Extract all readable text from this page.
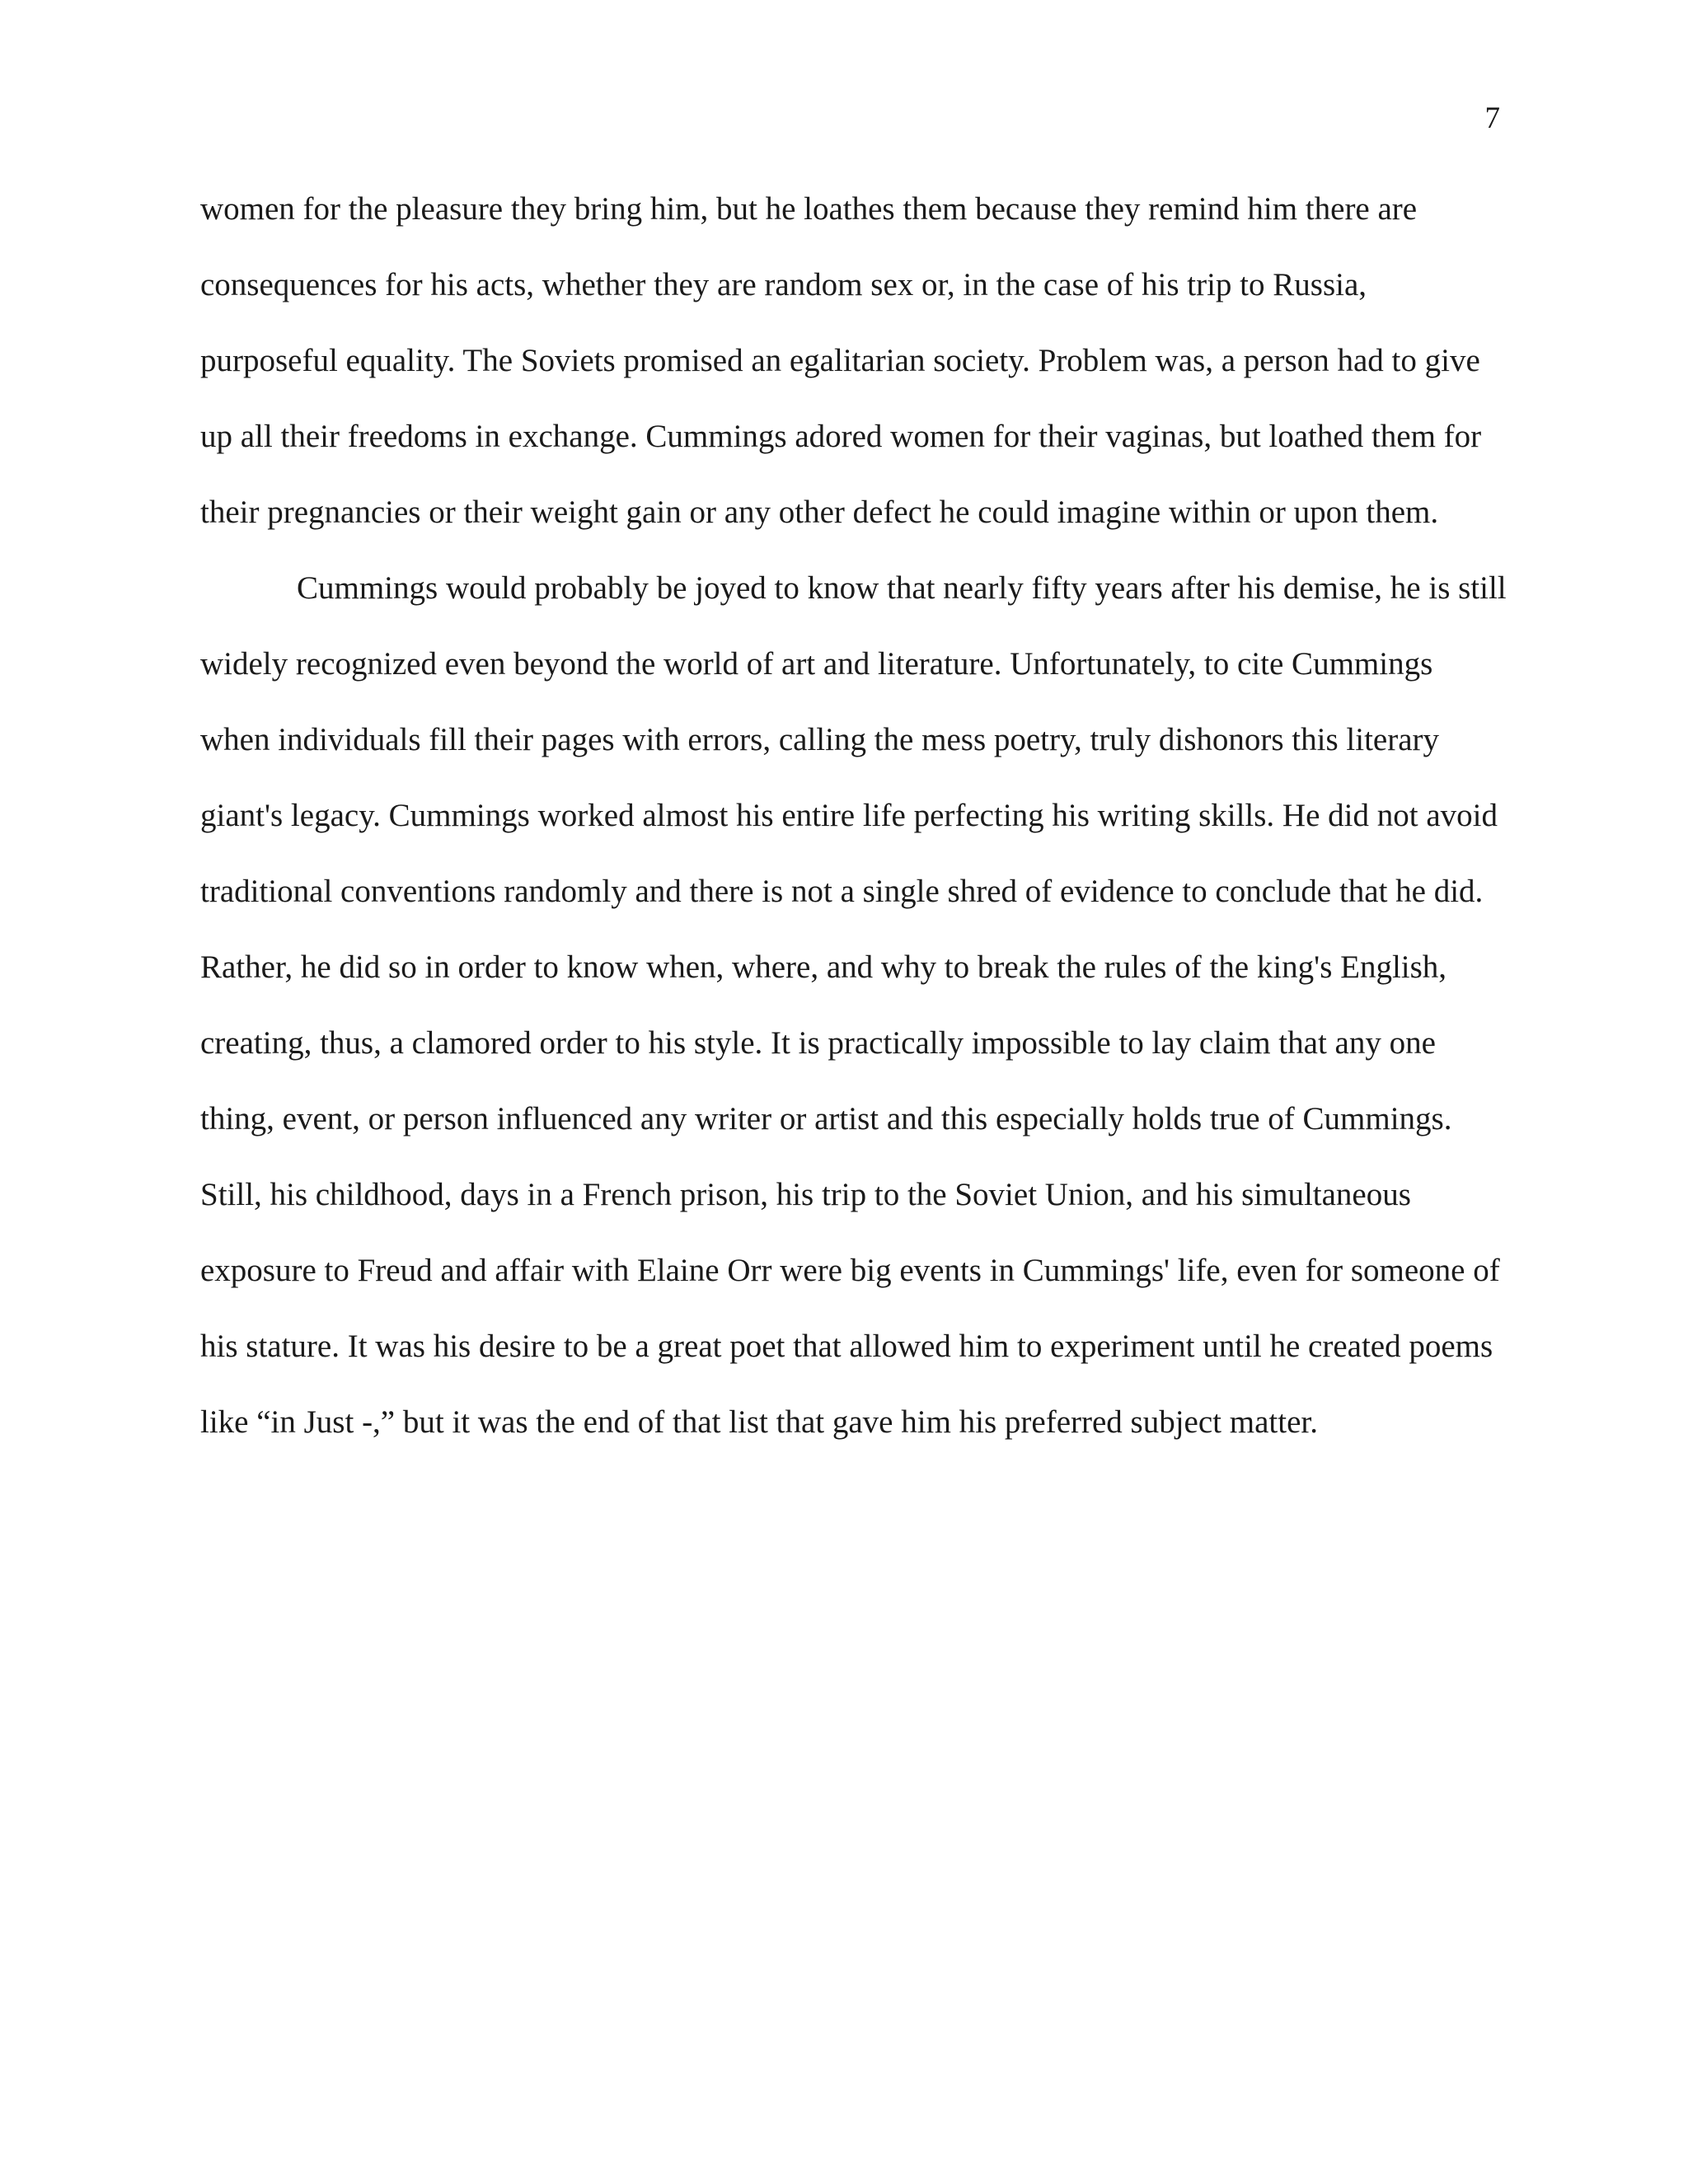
7

women for the pleasure they bring him, but he loathes them because they remind him there are consequences for his acts, whether they are random sex or, in the case of his trip to Russia, purposeful equality. The Soviets promised an egalitarian society. Problem was, a person had to give up all their freedoms in exchange. Cummings adored women for their vaginas, but loathed them for their pregnancies or their weight gain or any other defect he could imagine within or upon them.

Cummings would probably be joyed to know that nearly fifty years after his demise, he is still widely recognized even beyond the world of art and literature. Unfortunately, to cite Cummings when individuals fill their pages with errors, calling the mess poetry, truly dishonors this literary giant's legacy. Cummings worked almost his entire life perfecting his writing skills. He did not avoid traditional conventions randomly and there is not a single shred of evidence to conclude that he did. Rather, he did so in order to know when, where, and why to break the rules of the king's English, creating, thus, a clamored order to his style. It is practically impossible to lay claim that any one thing, event, or person influenced any writer or artist and this especially holds true of Cummings. Still, his childhood, days in a French prison, his trip to the Soviet Union, and his simultaneous exposure to Freud and affair with Elaine Orr were big events in Cummings' life, even for someone of his stature. It was his desire to be a great poet that allowed him to experiment until he created poems like “in Just -,” but it was the end of that list that gave him his preferred subject matter.
